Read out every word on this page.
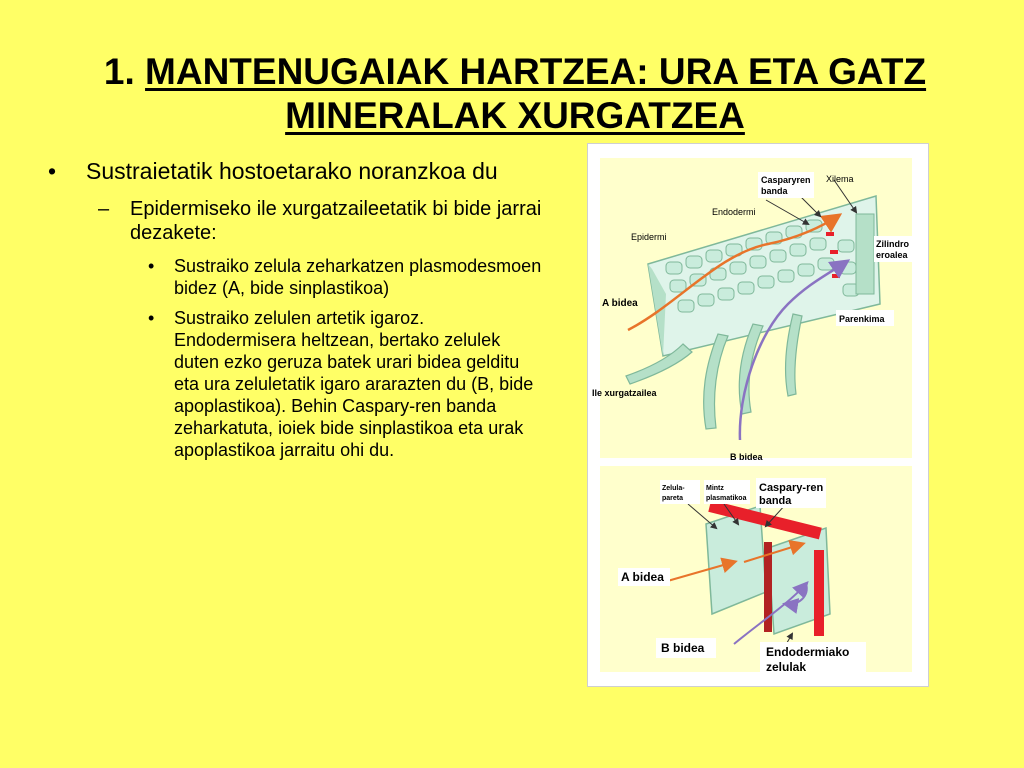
1. MANTENUGAIAK HARTZEA: URA ETA GATZ MINERALAK XURGATZEA
• Sustraietatik hostoetarako noranzkoa du
– Epidermiseko ile xurgatzaileetatik bi bide jarrai dezakete:
• Sustraiko zelula zeharkatzen plasmodesmoen bidez (A, bide sinplastikoa)
• Sustraiko zelulen artetik igaroz. Endodermisera heltzean, bertako zelulek duten ezko geruza batek urari bidea gelditu eta ura zeluletatik igaro ararazten du (B, bide apoplastikoa). Behin Caspary-ren banda zeharkatuta, ioiek bide sinplastikoa eta urak apoplastikoa jarraitu ohi du.
Casparyren
banda
Xilema
Endodermi
Epidermi
Zilindro
eroalea
A bidea
Parenkima
Ile xurgatzailea
B bidea
Zelula-
pareta
Mintz
plasmatikoa
Caspary-ren
banda
A bidea
B bidea	Endodermiako
zelulak
